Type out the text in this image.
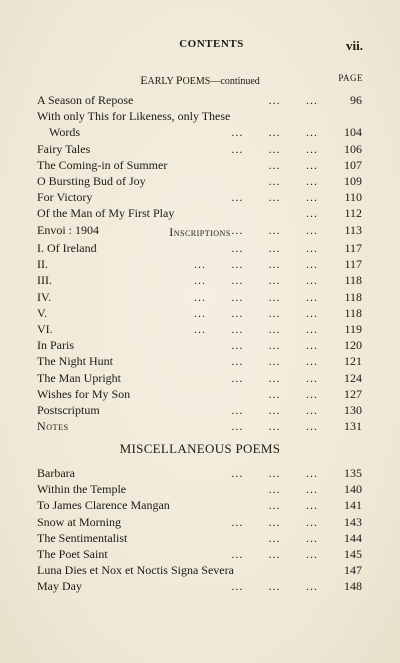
CONTENTS	vii.
EARLY POEMS—continued	PAGE
A Season of Repose	...	...	96
With only This for Likeness, only These
Words	...	...	...	104
Fairy Tales	...	...	...	106
The Coming-in of Summer	...	...	107
O Bursting Bud of Joy	...	...	109
For Victory	...	...	...	110
Of the Man of My First Play	...	112
Envoi : 1904	...	...	...	113
Inscriptions
I. Of Ireland	...	...	...	117
II.	...	...	...	...	117
III.	...	...	...	...	118
IV.	...	...	...	...	118
V.	...	...	...	...	118
VI.	...	...	...	...	119
In Paris	...	...	...	120
The Night Hunt	...	...	...	121
The Man Upright	...	...	...	124
Wishes for My Son	...	...	127
Postscriptum	...	...	...	130
Notes	...	...	...	131
MISCELLANEOUS POEMS
Barbara	...	...	...	135
Within the Temple	...	...	140
To James Clarence Mangan	...	...	141
Snow at Morning	...	...	...	143
The Sentimentalist	...	...	144
The Poet Saint	...	...	...	145
Luna Dies et Nox et Noctis Signa Severa	147
May Day	...	...	...	148
